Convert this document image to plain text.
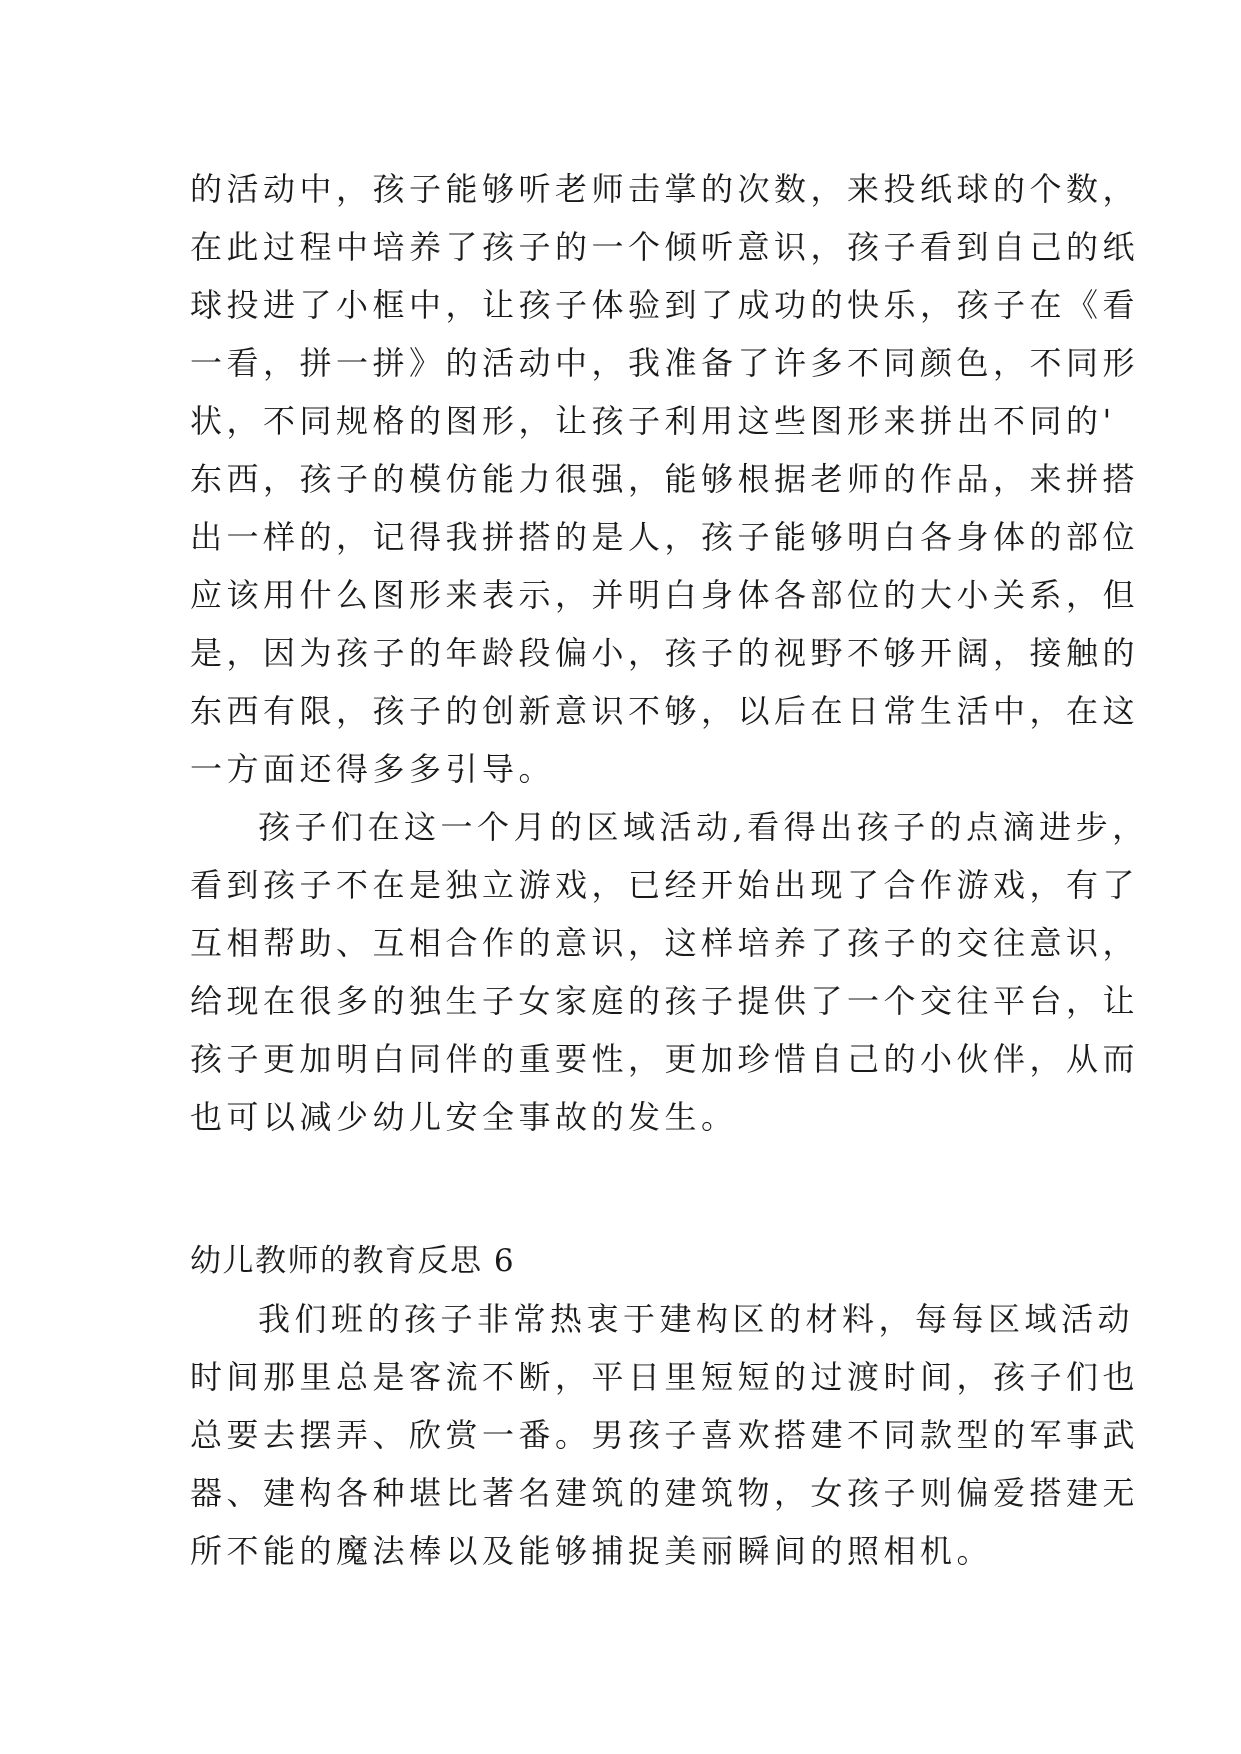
的活动中，孩子能够听老师击掌的次数，来投纸球的个数，
在此过程中培养了孩子的一个倾听意识，孩子看到自己的纸
球投进了小框中，让孩子体验到了成功的快乐，孩子在《看
一看，拼一拼》的活动中，我准备了许多不同颜色，不同形
状，不同规格的图形，让孩子利用这些图形来拼出不同的'
东西，孩子的模仿能力很强，能够根据老师的作品，来拼搭
出一样的，记得我拼搭的是人，孩子能够明白各身体的部位
应该用什么图形来表示，并明白身体各部位的大小关系，但
是，因为孩子的年龄段偏小，孩子的视野不够开阔，接触的
东西有限，孩子的创新意识不够，以后在日常生活中，在这
一方面还得多多引导。
孩子们在这一个月的区域活动,看得出孩子的点滴进步，
看到孩子不在是独立游戏，已经开始出现了合作游戏，有了
互相帮助、互相合作的意识，这样培养了孩子的交往意识，
给现在很多的独生子女家庭的孩子提供了一个交往平台，让
孩子更加明白同伴的重要性，更加珍惜自己的小伙伴，从而
也可以减少幼儿安全事故的发生。
幼儿教师的教育反思 6
我们班的孩子非常热衷于建构区的材料，每每区域活动
时间那里总是客流不断，平日里短短的过渡时间，孩子们也
总要去摆弄、欣赏一番。男孩子喜欢搭建不同款型的军事武
器、建构各种堪比著名建筑的建筑物，女孩子则偏爱搭建无
所不能的魔法棒以及能够捕捉美丽瞬间的照相机。
